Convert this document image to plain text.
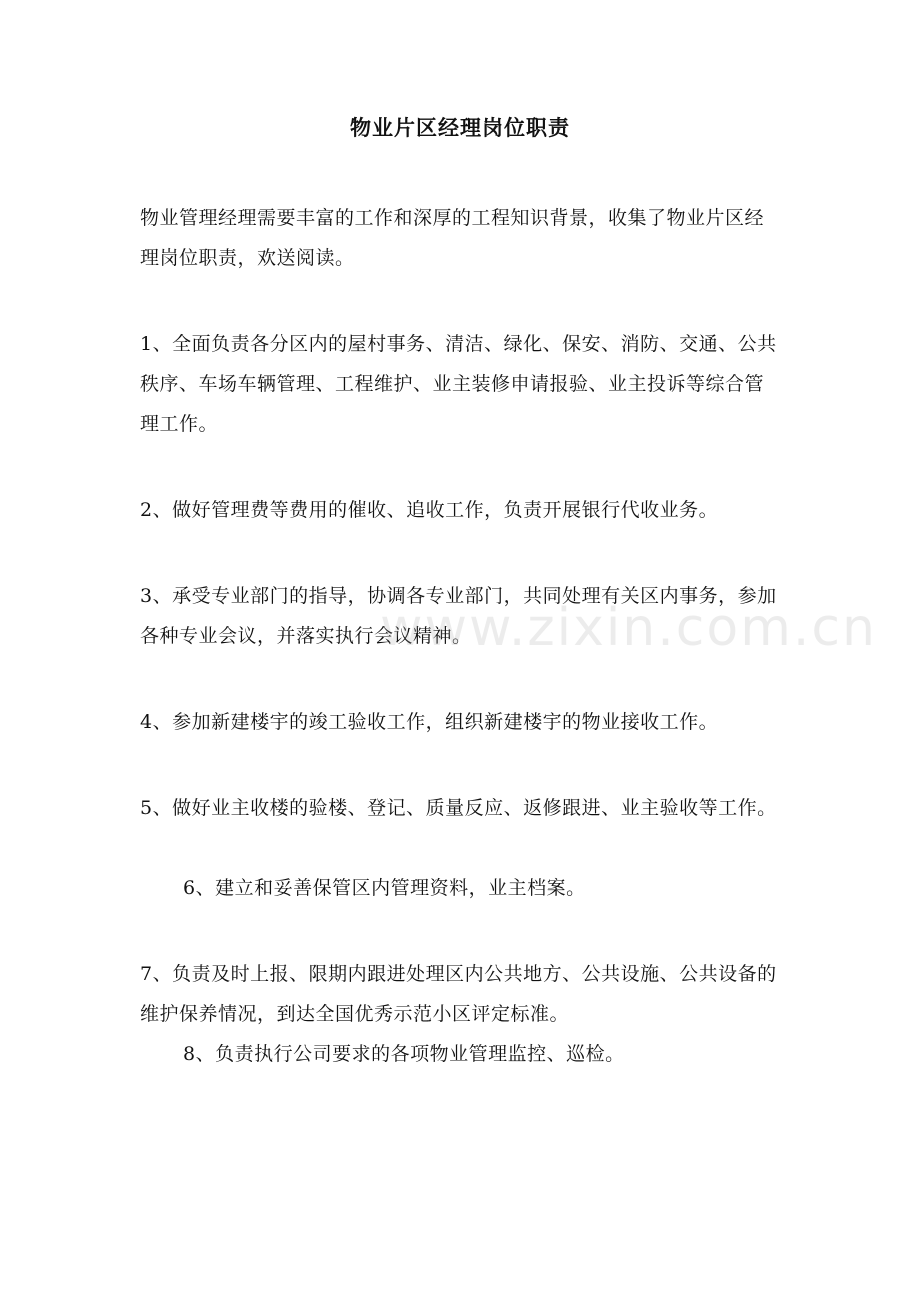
物业片区经理岗位职责
物业管理经理需要丰富的工作和深厚的工程知识背景，收集了物业片区经理岗位职责，欢送阅读。
1、全面负责各分区内的屋村事务、清洁、绿化、保安、消防、交通、公共秩序、车场车辆管理、工程维护、业主装修申请报验、业主投诉等综合管理工作。
2、做好管理费等费用的催收、追收工作，负责开展银行代收业务。
3、承受专业部门的指导，协调各专业部门，共同处理有关区内事务，参加各种专业会议，并落实执行会议精神。
4、参加新建楼宇的竣工验收工作，组织新建楼宇的物业接收工作。
5、做好业主收楼的验楼、登记、质量反应、返修跟进、业主验收等工作。
6、建立和妥善保管区内管理资料，业主档案。
7、负责及时上报、限期内跟进处理区内公共地方、公共设施、公共设备的维护保养情况，到达全国优秀示范小区评定标准。
8、负责执行公司要求的各项物业管理监控、巡检。
www.zixin.com.cn
